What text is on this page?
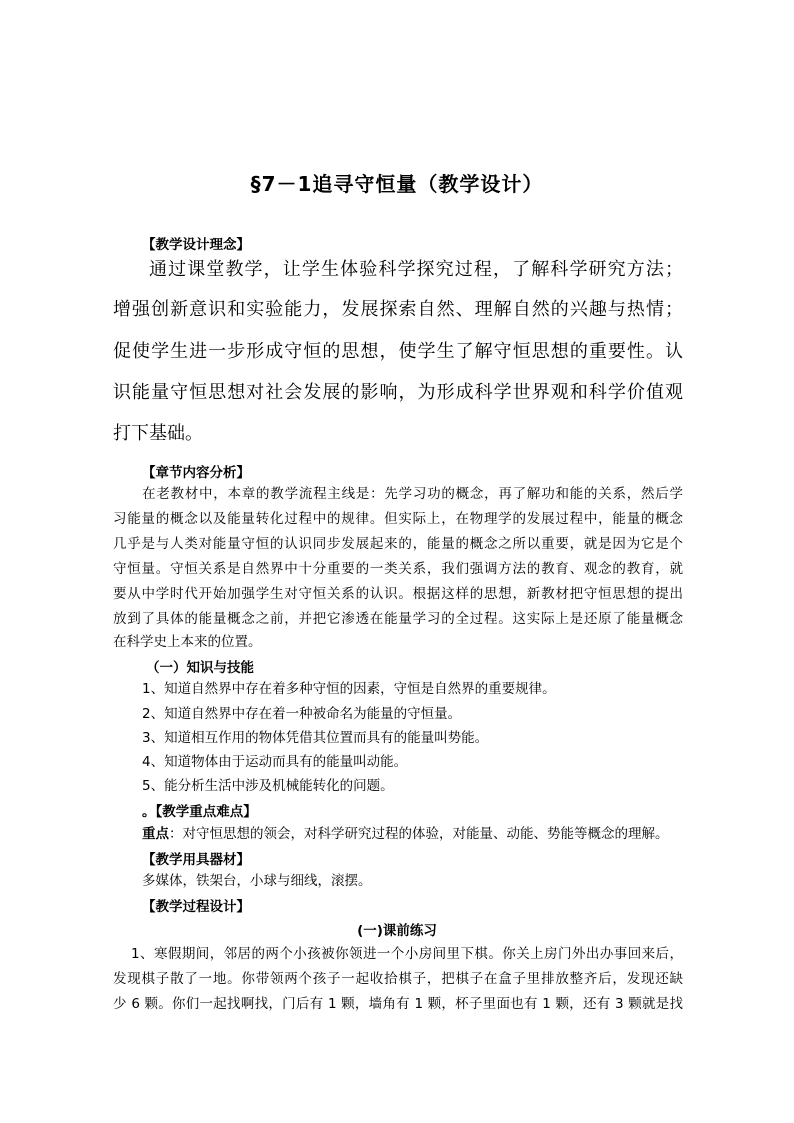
§7－1追寻守恒量（教学设计）
【教学设计理念】
通过课堂教学，让学生体验科学探究过程，了解科学研究方法；
增强创新意识和实验能力，发展探索自然、理解自然的兴趣与热情；
促使学生进一步形成守恒的思想，使学生了解守恒思想的重要性。认
识能量守恒思想对社会发展的影响，为形成科学世界观和科学价值观
打下基础。
【章节内容分析】
在老教材中，本章的教学流程主线是：先学习功的概念，再了解功和能的关系，然后学
习能量的概念以及能量转化过程中的规律。但实际上，在物理学的发展过程中，能量的概念
几乎是与人类对能量守恒的认识同步发展起来的，能量的概念之所以重要，就是因为它是个
守恒量。守恒关系是自然界中十分重要的一类关系，我们强调方法的教育、观念的教育，就
要从中学时代开始加强学生对守恒关系的认识。根据这样的思想，新教材把守恒思想的提出
放到了具体的能量概念之前，并把它渗透在能量学习的全过程。这实际上是还原了能量概念
在科学史上本来的位置。
（一）知识与技能
1、知道自然界中存在着多种守恒的因素，守恒是自然界的重要规律。
2、知道自然界中存在着一种被命名为能量的守恒量。
3、知道相互作用的物体凭借其位置而具有的能量叫势能。
4、知道物体由于运动而具有的能量叫动能。
5、能分析生活中涉及机械能转化的问题。
。【教学重点难点】
重点：对守恒思想的领会，对科学研究过程的体验，对能量、动能、势能等概念的理解。
【教学用具器材】
多媒体，铁架台，小球与细线，滚摆。
【教学过程设计】
(一)课前练习
1、寒假期间，邻居的两个小孩被你领进一个小房间里下棋。你关上房门外出办事回来后，
发现棋子散了一地。你带领两个孩子一起收拾棋子，把棋子在盒子里排放整齐后，发现还缺
少 6 颗。你们一起找啊找，门后有 1 颗，墙角有 1 颗，杯子里面也有 1 颗，还有 3 颗就是找
